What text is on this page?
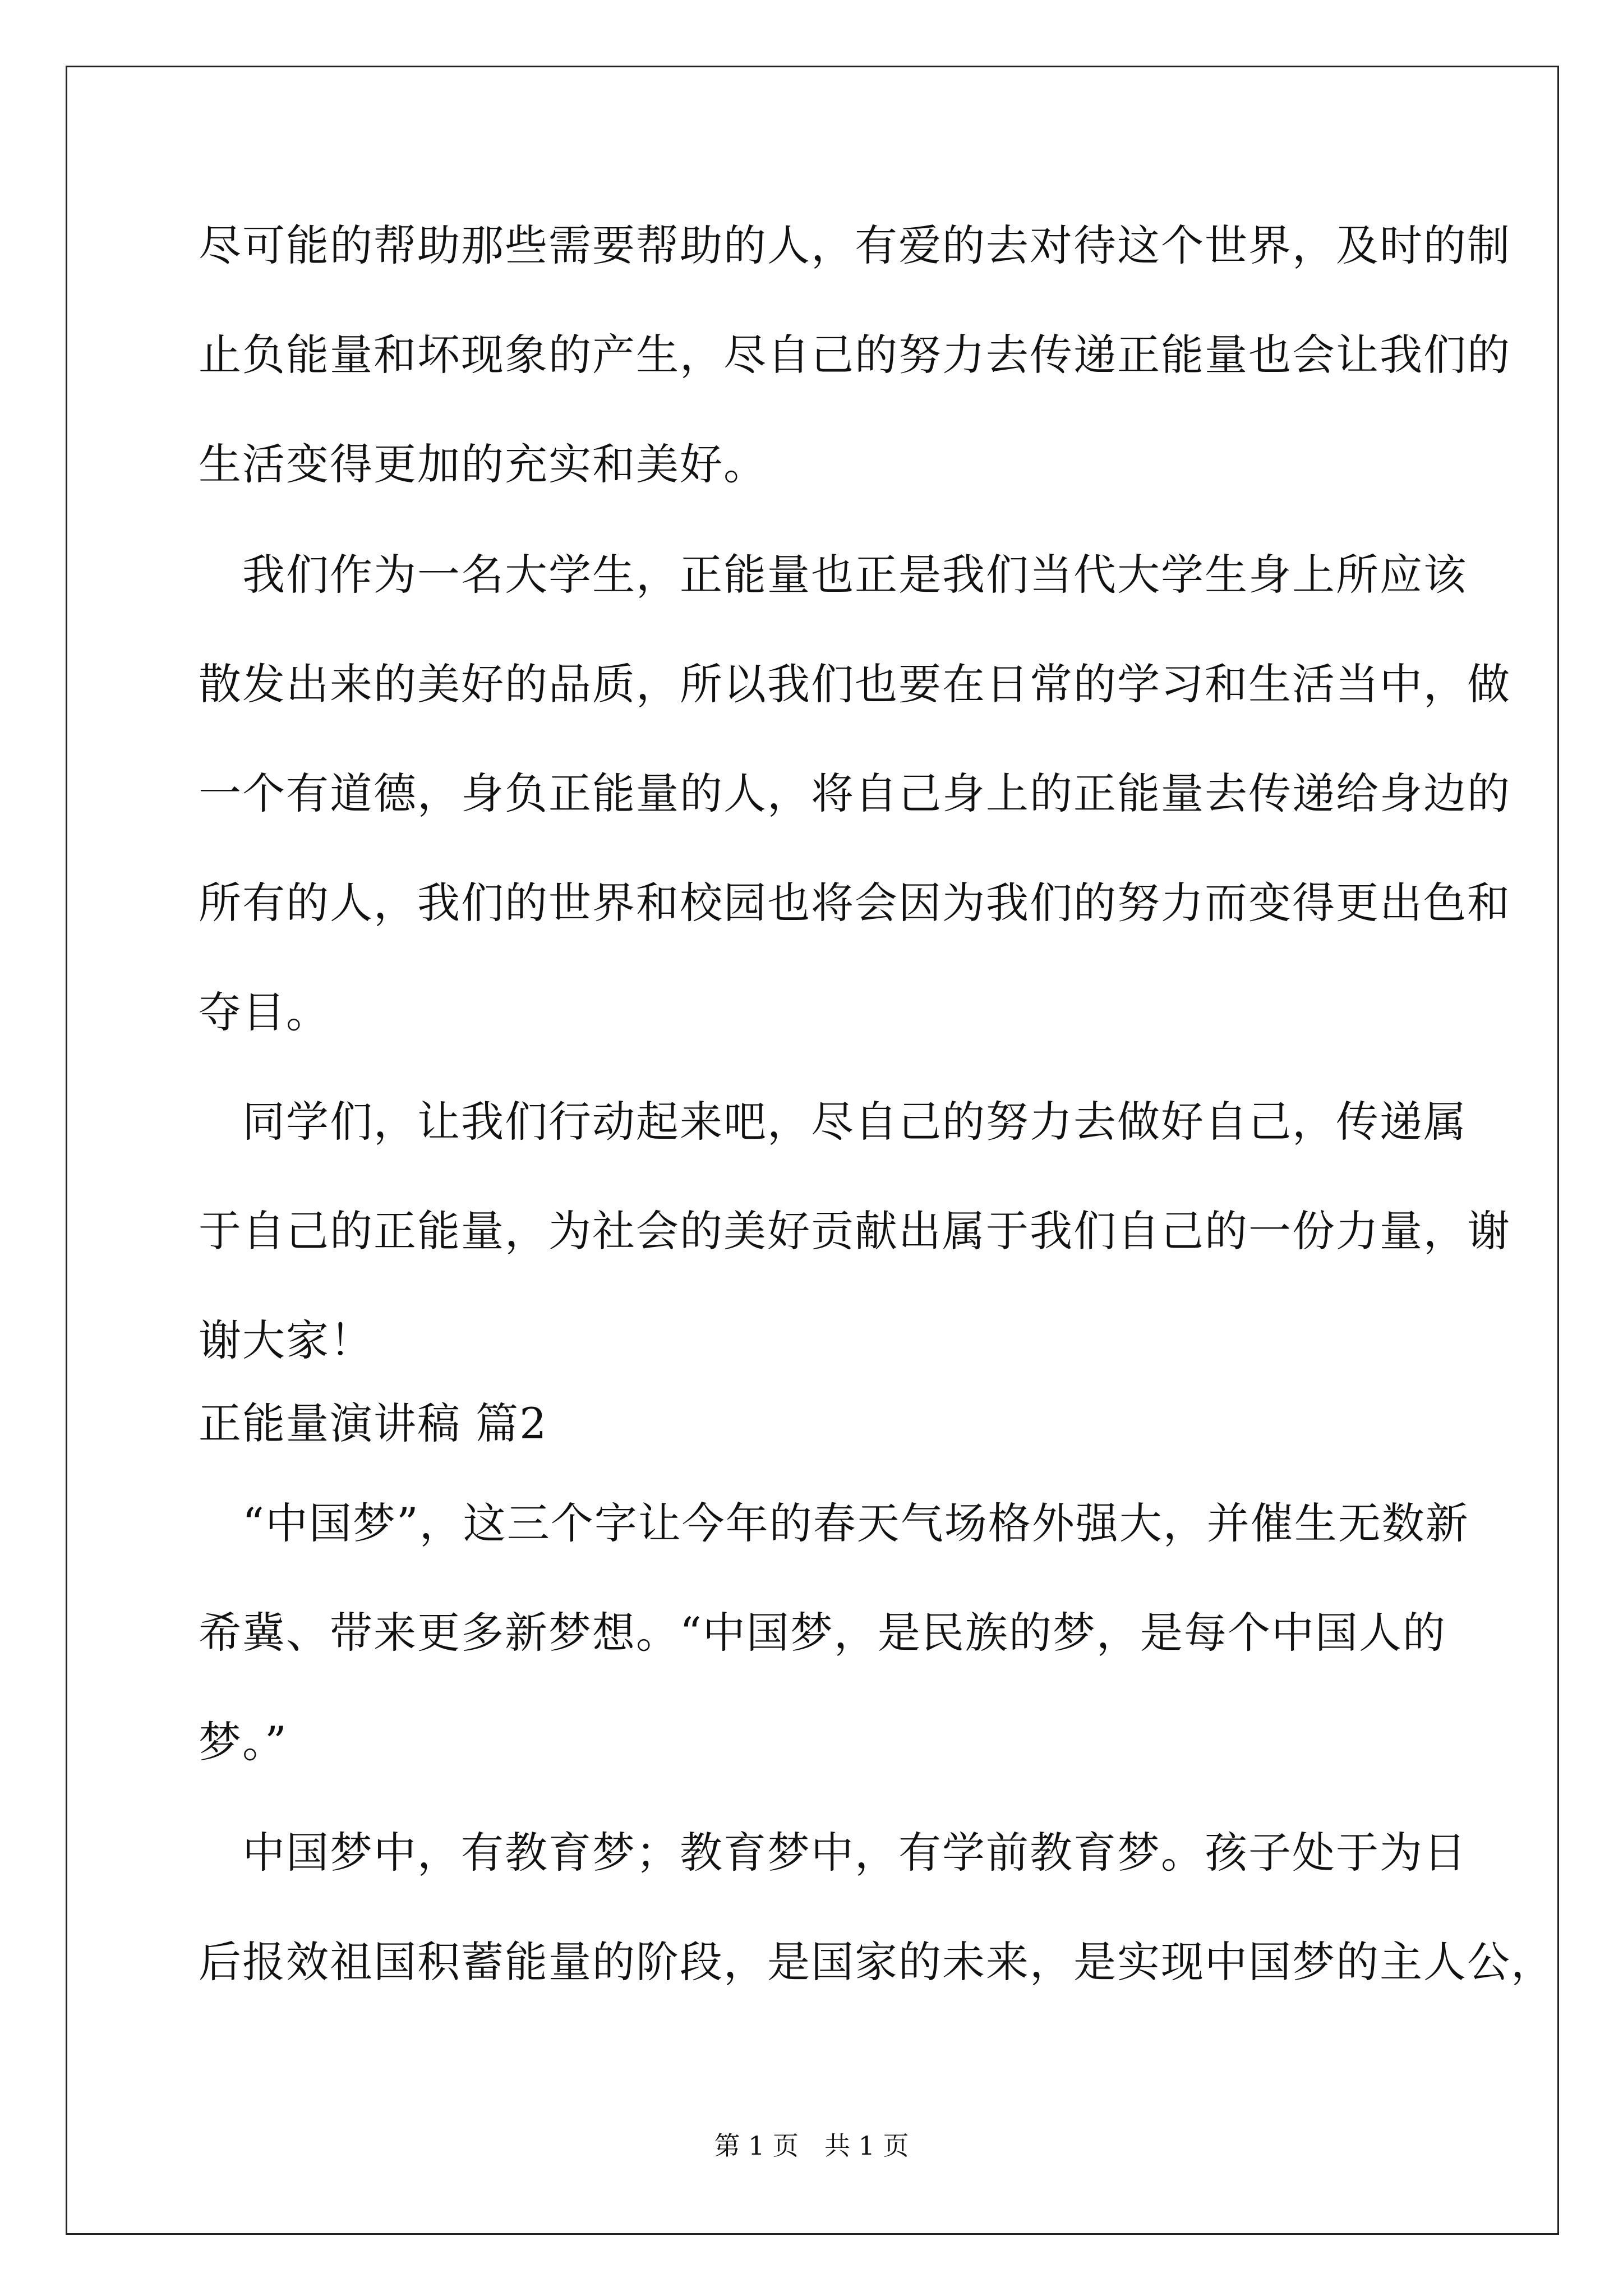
尽可能的帮助那些需要帮助的人，有爱的去对待这个世界，及时的制
止负能量和坏现象的产生，尽自己的努力去传递正能量也会让我们的
生活变得更加的充实和美好。
　我们作为一名大学生，正能量也正是我们当代大学生身上所应该
散发出来的美好的品质，所以我们也要在日常的学习和生活当中，做
一个有道德，身负正能量的人，将自己身上的正能量去传递给身边的
所有的人，我们的世界和校园也将会因为我们的努力而变得更出色和
夺目。
　同学们，让我们行动起来吧，尽自己的努力去做好自己，传递属
于自己的正能量，为社会的美好贡献出属于我们自己的一份力量，谢
谢大家！
正能量演讲稿 篇2
　“中国梦”，这三个字让今年的春天气场格外强大，并催生无数新
希冀、带来更多新梦想。“中国梦，是民族的梦，是每个中国人的
梦。”
　中国梦中，有教育梦；教育梦中，有学前教育梦。孩子处于为日
后报效祖国积蓄能量的阶段，是国家的未来，是实现中国梦的主人公，
第 1 页　共 1 页
